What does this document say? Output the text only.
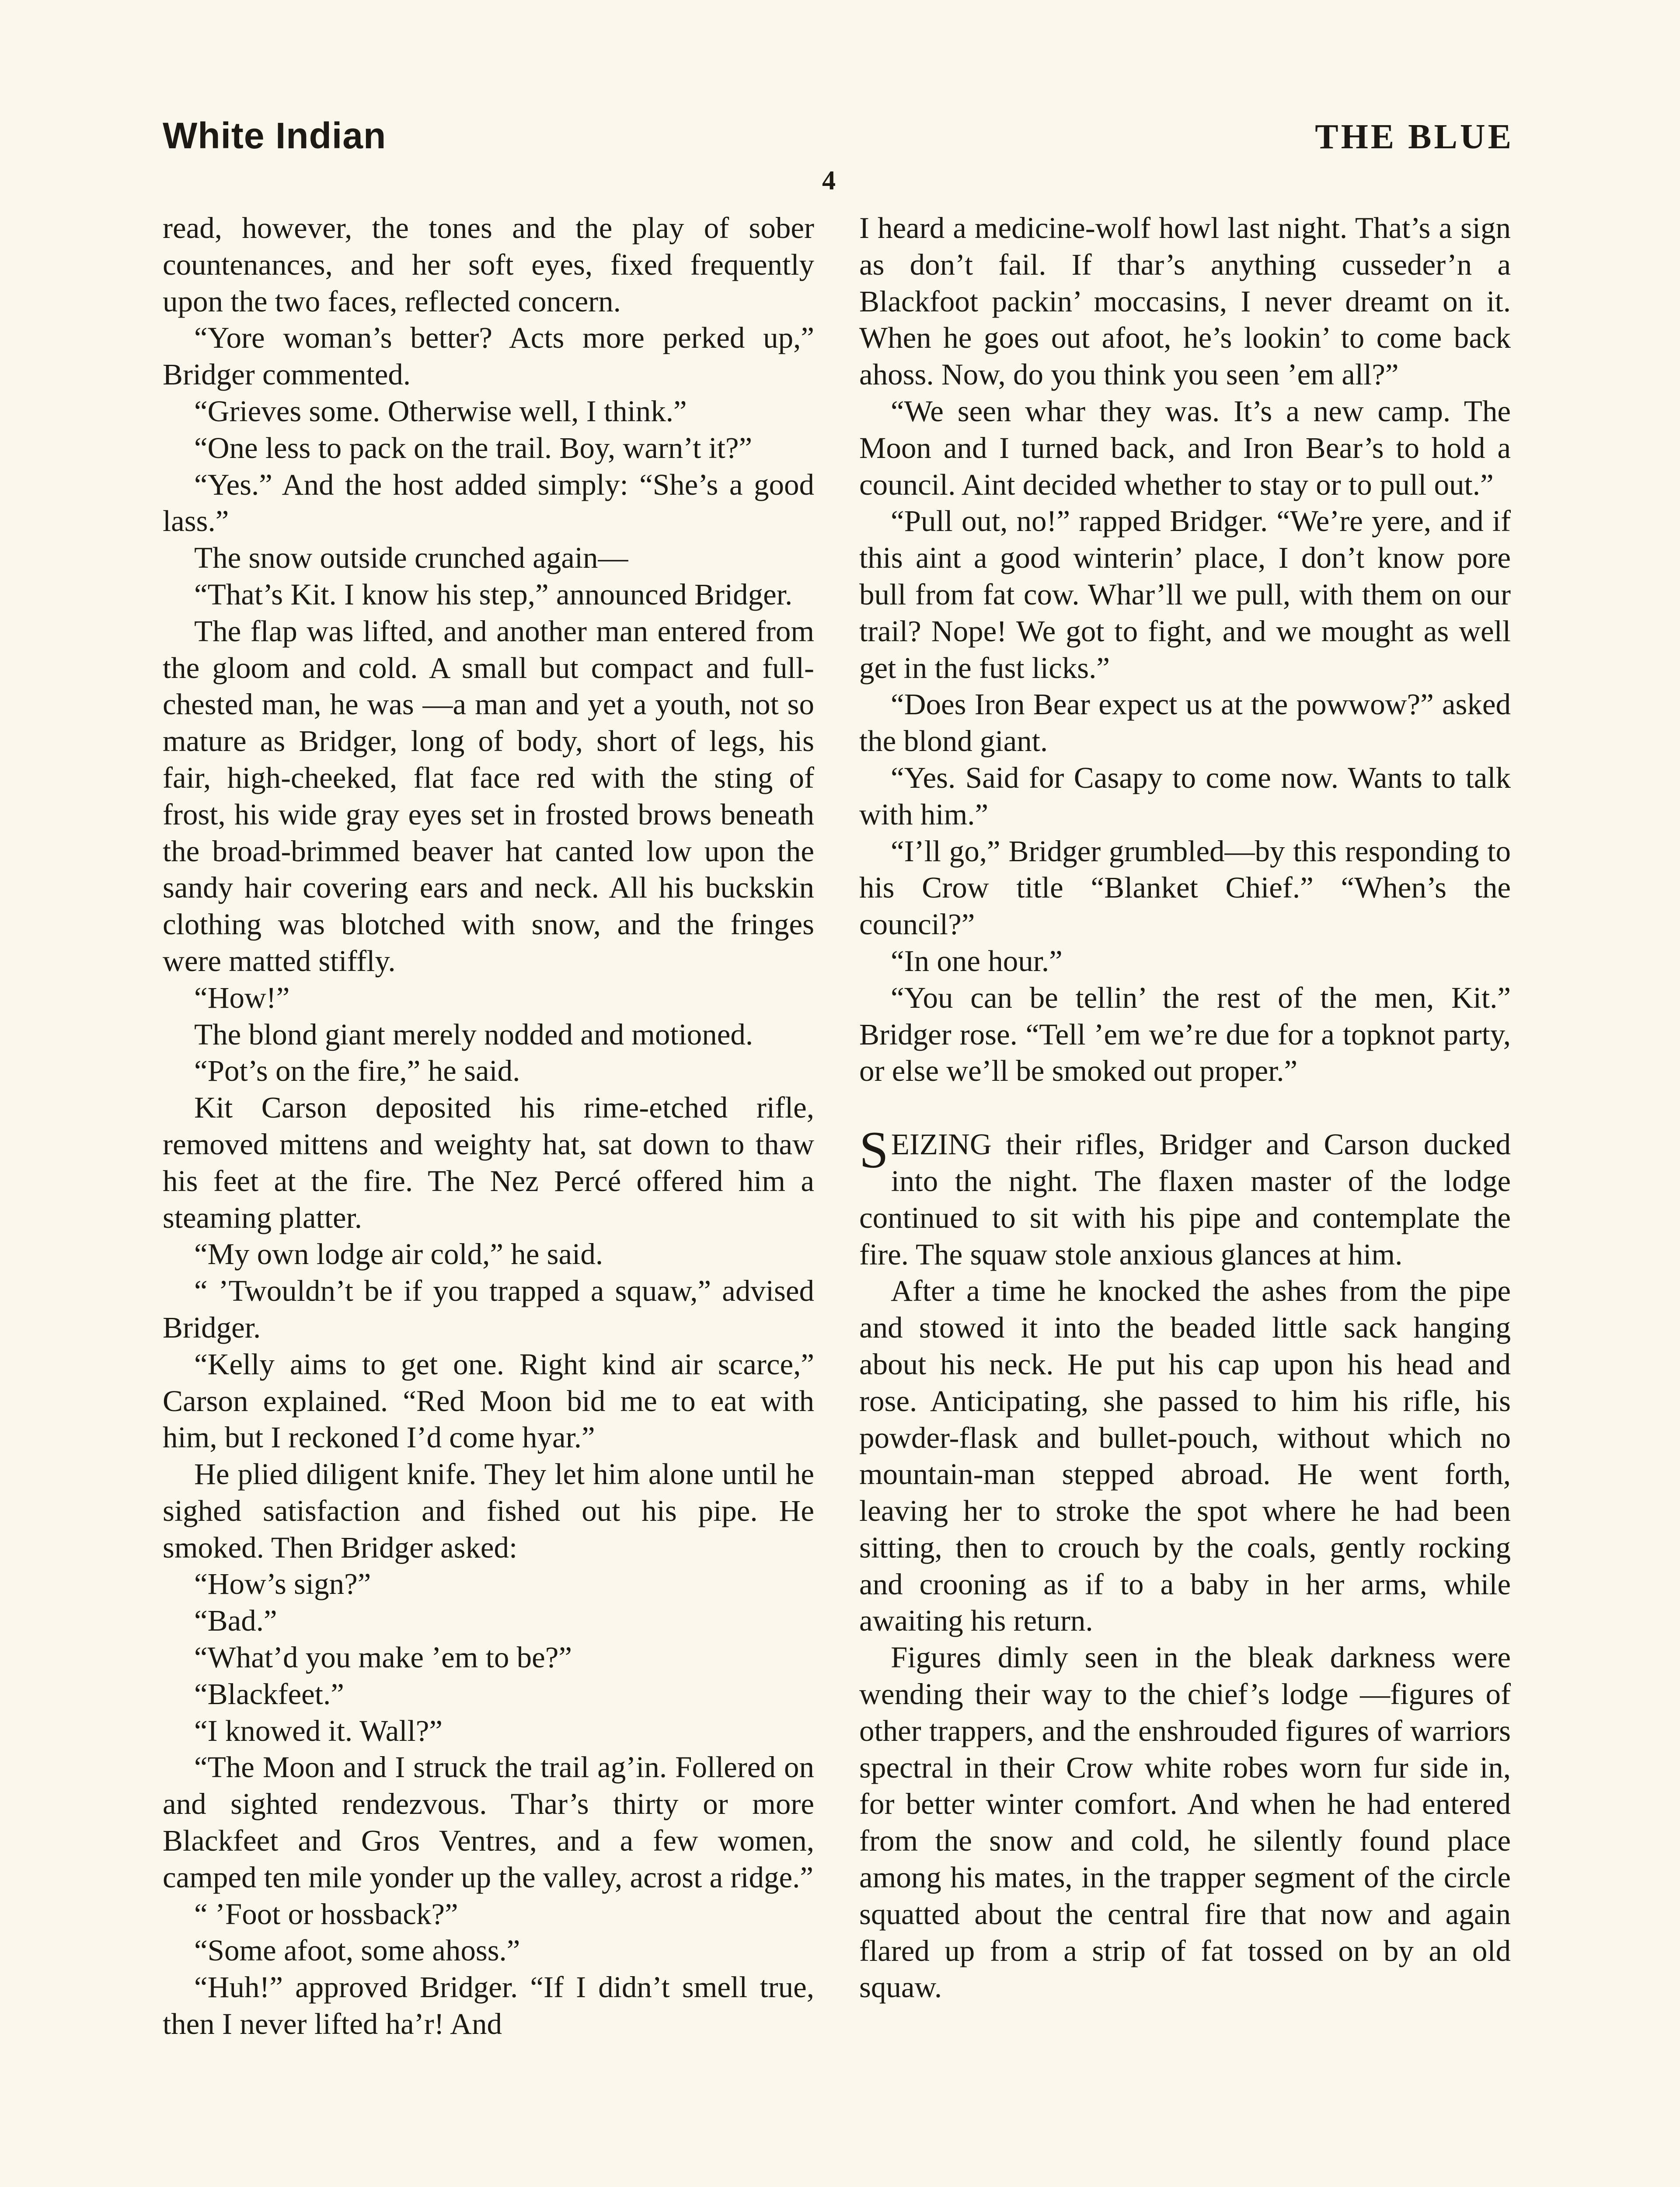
White Indian	THE BLUE
4

read, however, the tones and the play of sober countenances, and her soft eyes, fixed frequently upon the two faces, reflected concern.

“Yore woman’s better? Acts more perked up,” Bridger commented.

“Grieves some. Otherwise well, I think.”

“One less to pack on the trail. Boy, warn’t it?”

“Yes.” And the host added simply: “She’s a good lass.”

The snow outside crunched again—

“That’s Kit. I know his step,” announced Bridger.

The flap was lifted, and another man entered from the gloom and cold. A small but compact and full-chested man, he was —a man and yet a youth, not so mature as Bridger, long of body, short of legs, his fair, high-cheeked, flat face red with the sting of frost, his wide gray eyes set in frosted brows beneath the broad-brimmed beaver hat canted low upon the sandy hair covering ears and neck. All his buckskin clothing was blotched with snow, and the fringes were matted stiffly.

“How!”

The blond giant merely nodded and motioned.

“Pot’s on the fire,” he said.

Kit Carson deposited his rime-etched rifle, removed mittens and weighty hat, sat down to thaw his feet at the fire. The Nez Percé offered him a steaming platter.

“My own lodge air cold,” he said.

“ ’Twouldn’t be if you trapped a squaw,” advised Bridger.

“Kelly aims to get one. Right kind air scarce,” Carson explained. “Red Moon bid me to eat with him, but I reckoned I’d come hyar.”

He plied diligent knife. They let him alone until he sighed satisfaction and fished out his pipe. He smoked. Then Bridger asked:

“How’s sign?”

“Bad.”

“What’d you make ’em to be?”

“Blackfeet.”

“I knowed it. Wall?”

“The Moon and I struck the trail ag’in. Follered on and sighted rendezvous. Thar’s thirty or more Blackfeet and Gros Ventres, and a few women, camped ten mile yonder up the valley, acrost a ridge.”

“ ’Foot or hossback?”

“Some afoot, some ahoss.”

“Huh!” approved Bridger. “If I didn’t smell true, then I never lifted ha’r! And

I heard a medicine-wolf howl last night. That’s a sign as don’t fail. If thar’s anything cusseder’n a Blackfoot packin’ moccasins, I never dreamt on it. When he goes out afoot, he’s lookin’ to come back ahoss. Now, do you think you seen ’em all?”

“We seen whar they was. It’s a new camp. The Moon and I turned back, and Iron Bear’s to hold a council. Aint decided whether to stay or to pull out.”

“Pull out, no!” rapped Bridger. “We’re yere, and if this aint a good winterin’ place, I don’t know pore bull from fat cow. Whar’ll we pull, with them on our trail? Nope! We got to fight, and we mought as well get in the fust licks.”

“Does Iron Bear expect us at the powwow?” asked the blond giant.

“Yes. Said for Casapy to come now. Wants to talk with him.”

“I’ll go,” Bridger grumbled—by this responding to his Crow title “Blanket Chief.” “When’s the council?”

“In one hour.”

“You can be tellin’ the rest of the men, Kit.” Bridger rose. “Tell ’em we’re due for a topknot party, or else we’ll be smoked out proper.”

SEIZING their rifles, Bridger and Carson ducked into the night. The flaxen master of the lodge continued to sit with his pipe and contemplate the fire. The squaw stole anxious glances at him.

After a time he knocked the ashes from the pipe and stowed it into the beaded little sack hanging about his neck. He put his cap upon his head and rose. Anticipating, she passed to him his rifle, his powder-flask and bullet-pouch, without which no mountain-man stepped abroad. He went forth, leaving her to stroke the spot where he had been sitting, then to crouch by the coals, gently rocking and crooning as if to a baby in her arms, while awaiting his return.

Figures dimly seen in the bleak darkness were wending their way to the chief’s lodge —figures of other trappers, and the enshrouded figures of warriors spectral in their Crow white robes worn fur side in, for better winter comfort. And when he had entered from the snow and cold, he silently found place among his mates, in the trapper segment of the circle squatted about the central fire that now and again flared up from a strip of fat tossed on by an old squaw.
